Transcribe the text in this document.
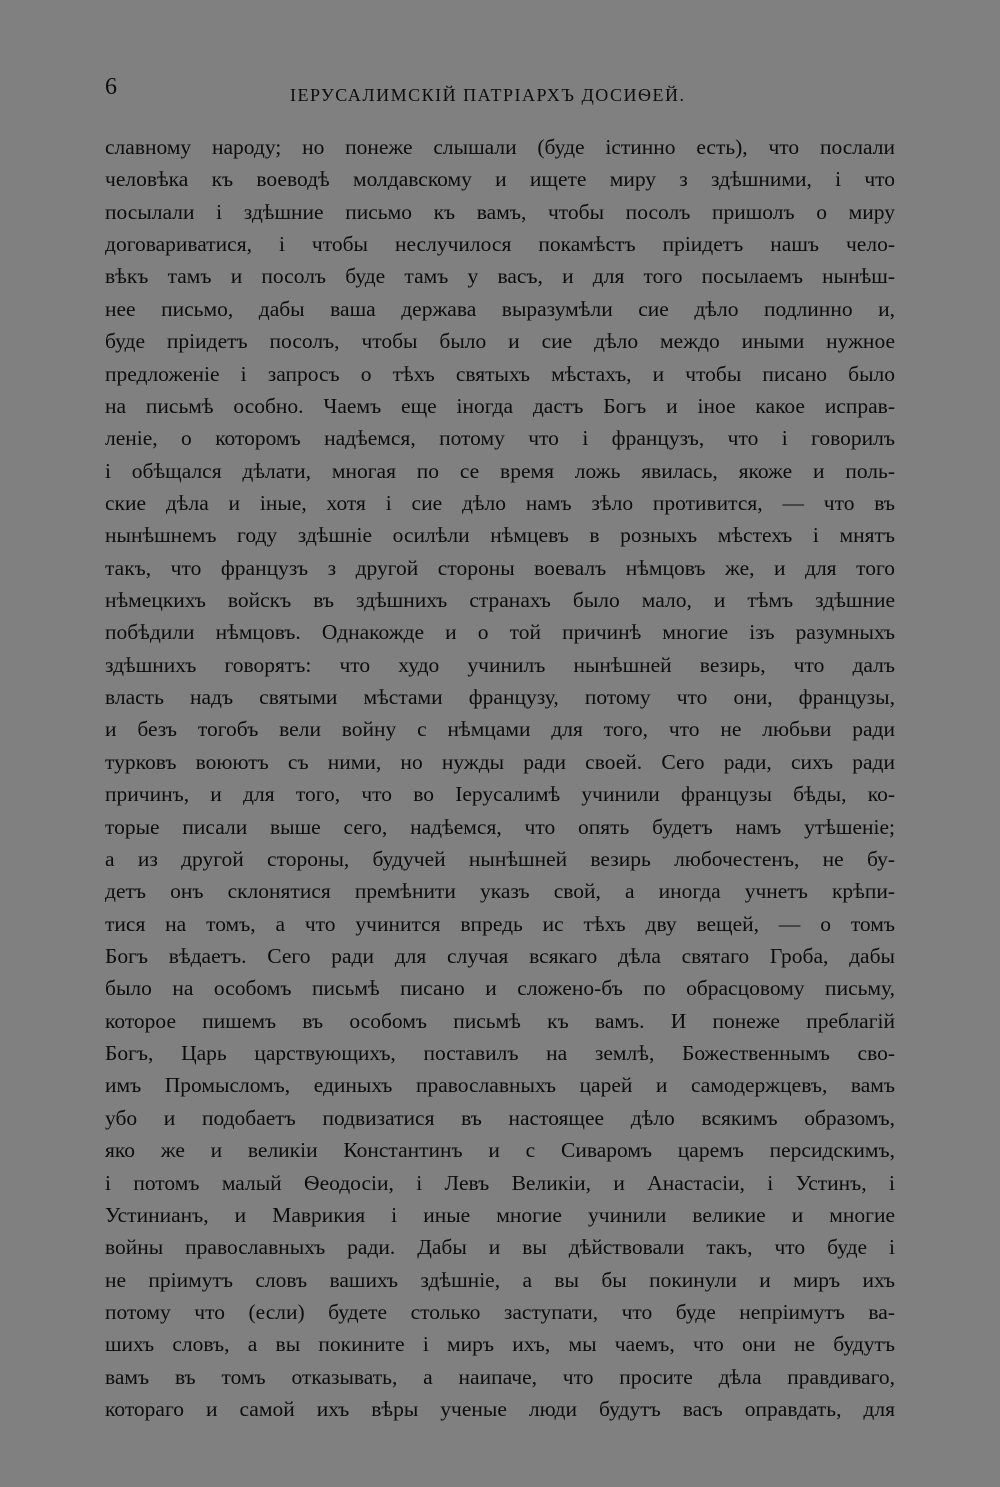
6	ІЕРУСАЛИМСКІЙ ПАТРІАРХЪ ДОСИѲЕЙ.
славному народу; но понеже слышали (буде істинно есть), что послали
человѣка къ воеводѣ молдавскому и ищете миру з здѣшними, і что
посылали і здѣшние письмо къ вамъ, чтобы посолъ пришолъ о миру
договариватися, і чтобы неслучилося покамѣстъ пріидетъ нашъ чело-
вѣкъ тамъ и посолъ буде тамъ у васъ, и для того посылаемъ нынѣш-
нее письмо, дабы ваша держава выразумѣли сие дѣло подлинно и,
буде пріидетъ посолъ, чтобы было и сие дѣло междо иными нужное
предложеніе і запросъ о тѣхъ святыхъ мѣстахъ, и чтобы писано было
на письмѣ особно. Чаемъ еще іногда дастъ Богъ и іное какое исправ-
леніе, о которомъ надѣемся, потому что і французъ, что і говорилъ
і обѣщался дѣлати, многая по се время ложь явилась, якоже и поль-
ские дѣла и іные, хотя і сие дѣло намъ зѣло противится, — что въ
нынѣшнемъ году здѣшніе осилѣли нѣмцевъ в розныхъ мѣстехъ і мнятъ
такъ, что французъ з другой стороны воевалъ нѣмцовъ же, и для того
нѣмецкихъ войскъ въ здѣшнихъ странахъ было мало, и тѣмъ здѣшние
побѣдили нѣмцовъ. Однакожде и о той причинѣ многие ізъ разумныхъ
здѣшнихъ говорятъ: что худо учинилъ нынѣшней везирь, что далъ
власть надъ святыми мѣстами французу, потому что они, французы,
и безъ тогобъ вели войну с нѣмцами для того, что не любьви ради
турковъ воюютъ съ ними, но нужды ради своей. Сего ради, сихъ ради
причинъ, и для того, что во Іерусалимѣ учинили французы бѣды, ко-
торые писали выше сего, надѣемся, что опять будетъ намъ утѣшеніе;
а из другой стороны, будучей нынѣшней везирь любочестенъ, не бу-
детъ онъ склонятися премѣнити указъ свой, а иногда учнетъ крѣпи-
тися на томъ, а что учинится впредь ис тѣхъ дву вещей, — о томъ
Богъ вѣдаетъ. Сего ради для случая всякаго дѣла святаго Гроба, дабы
было на особомъ письмѣ писано и сложено-бъ по обрасцовому письму,
которое пишемъ въ особомъ письмѣ къ вамъ. И понеже преблагій
Богъ, Царь царствующихъ, поставилъ на землѣ, Божественнымъ сво-
имъ Промысломъ, единыхъ православныхъ царей и самодержцевъ, вамъ
убо и подобаетъ подвизатися въ настоящее дѣло всякимъ образомъ,
яко же и великіи Константинъ и с Сиваромъ царемъ персидскимъ,
і потомъ малый Ѳеодосіи, і Левъ Великіи, и Анастасіи, і Устинъ, і
Устинианъ, и Маврикия і иные многие учинили великие и многие
войны православныхъ ради. Дабы и вы дѣйствовали такъ, что буде і
не пріимутъ словъ вашихъ здѣшніе, а вы бы покинули и миръ ихъ
потому что (если) будете столько заступати, что буде непріимутъ ва-
шихъ словъ, а вы покините і миръ ихъ, мы чаемъ, что они не будутъ
вамъ въ томъ отказывать, а наипаче, что просите дѣла правдиваго,
котораго и самой ихъ вѣры ученые люди будутъ васъ оправдать, для
